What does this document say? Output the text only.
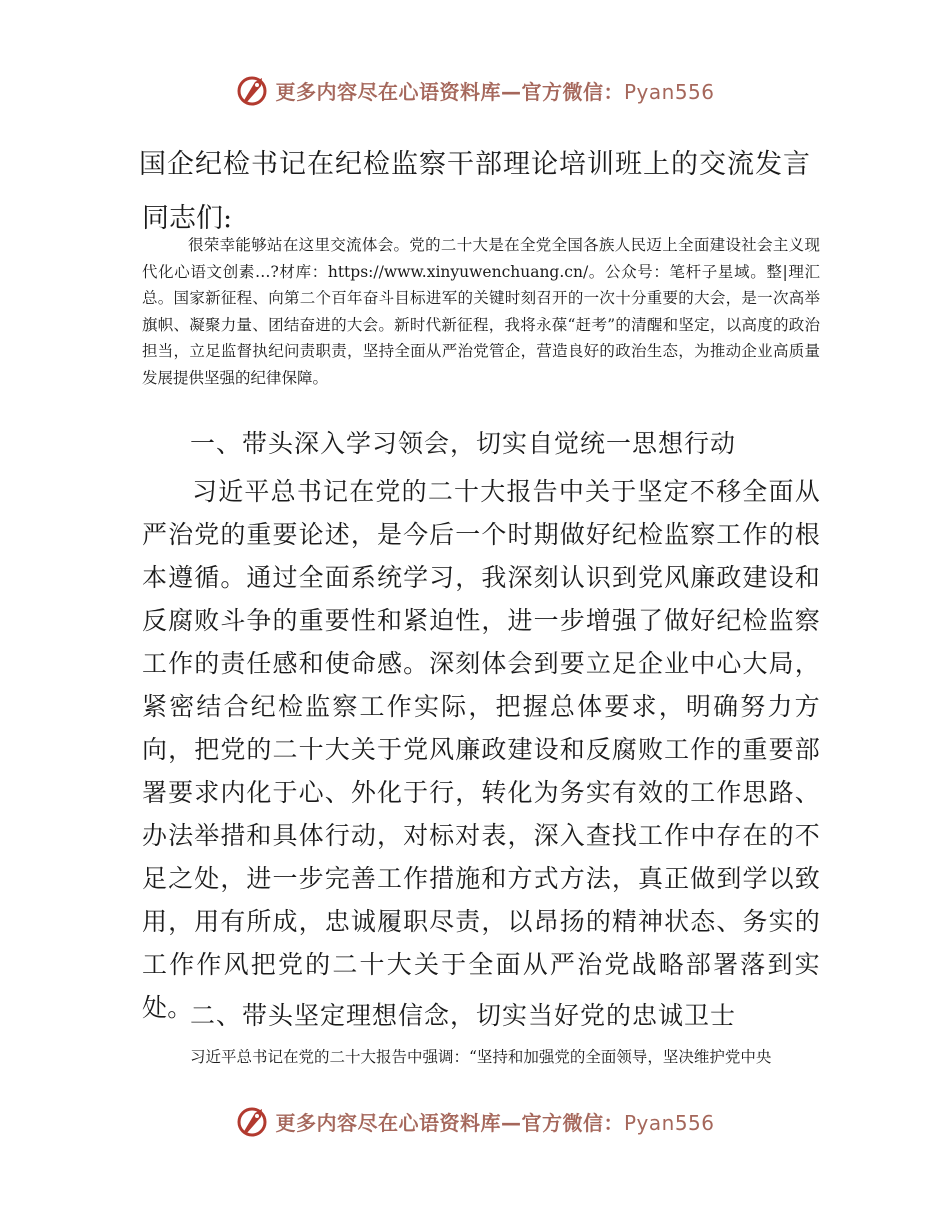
更多内容尽在心语资料库—官方微信：Pyan556
国企纪检书记在纪检监察干部理论培训班上的交流发言
同志们:

很荣幸能够站在这里交流体会。党的二十大是在全党全国各族人民迈上全面建设社会主义现代化心语文创素…?材库：https://www.xinyuwenchuang.cn/。公众号：笔杆子星域。整|理汇总。国家新征程、向第二个百年奋斗目标进军的关键时刻召开的一次十分重要的大会，是一次高举旗帜、凝聚力量、团结奋进的大会。新时代新征程，我将永葆“赶考”的清醒和坚定，以高度的政治担当，立足监督执纪问责职责，坚持全面从严治党管企，营造良好的政治生态，为推动企业高质量发展提供坚强的纪律保障。

一、带头深入学习领会，切实自觉统一思想行动

习近平总书记在党的二十大报告中关于坚定不移全面从严治党的重要论述，是今后一个时期做好纪检监察工作的根本遵循。通过全面系统学习，我深刻认识到党风廉政建设和反腐败斗争的重要性和紧迫性，进一步增强了做好纪检监察工作的责任感和使命感。深刻体会到要立足企业中心大局，紧密结合纪检监察工作实际，把握总体要求，明确努力方向，把党的二十大关于党风廉政建设和反腐败工作的重要部署要求内化于心、外化于行，转化为务实有效的工作思路、办法举措和具体行动，对标对表，深入查找工作中存在的不足之处，进一步完善工作措施和方式方法，真正做到学以致用，用有所成，忠诚履职尽责，以昂扬的精神状态、务实的工作作风把党的二十大关于全面从严治党战略部署落到实处。

二、带头坚定理想信念，切实当好党的忠诚卫士

习近平总书记在党的二十大报告中强调：“坚持和加强党的全面领导，坚决维护党中央

更多内容尽在心语资料库—官方微信：Pyan556
